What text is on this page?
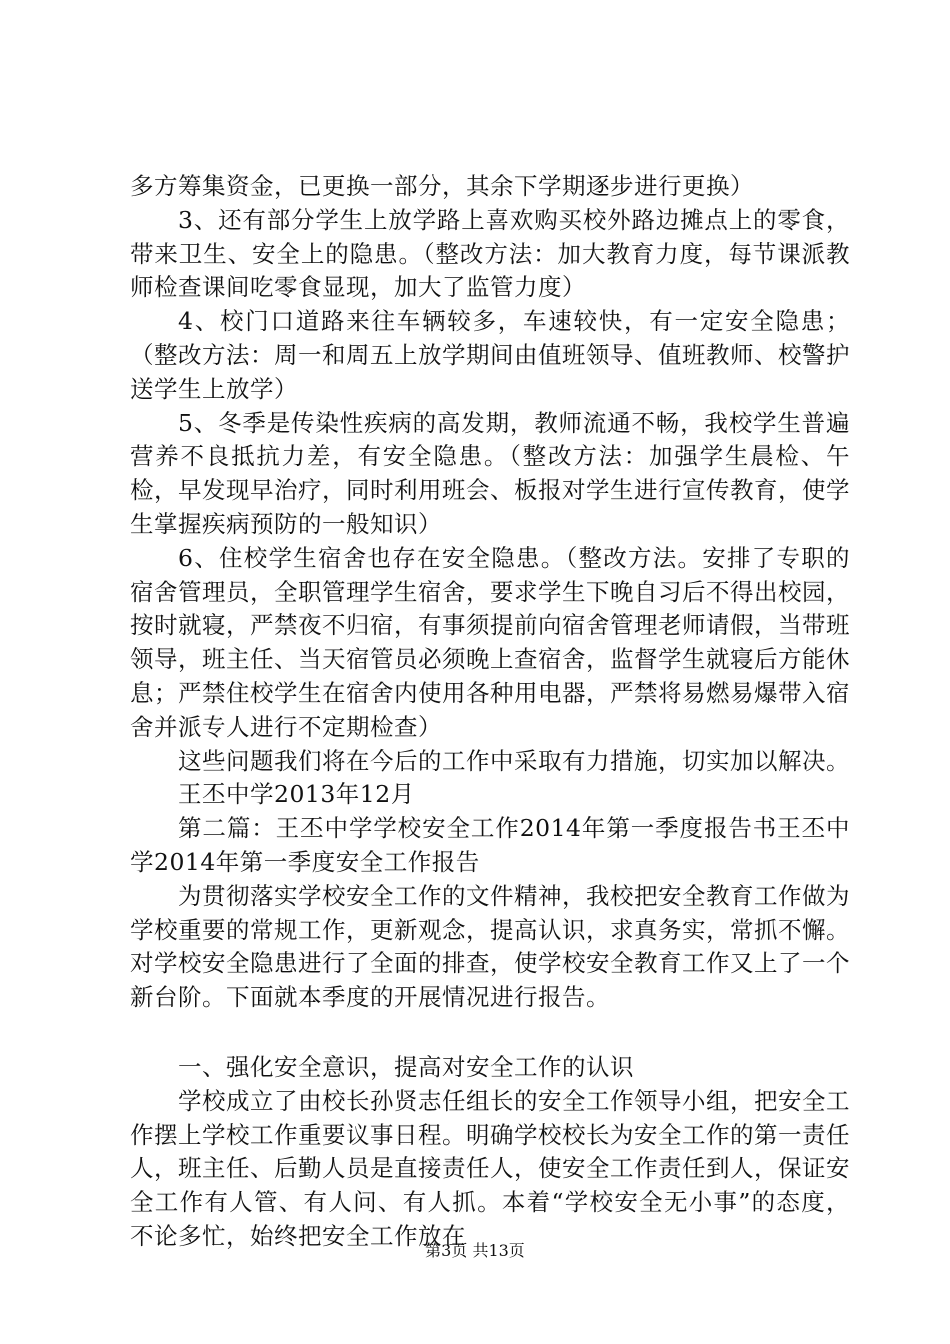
多方筹集资金，已更换一部分，其余下学期逐步进行更换）

3、还有部分学生上放学路上喜欢购买校外路边摊点上的零食，带来卫生、安全上的隐患。（整改方法：加大教育力度，每节课派教师检查课间吃零食显现，加大了监管力度）

4、校门口道路来往车辆较多，车速较快，有一定安全隐患；（整改方法：周一和周五上放学期间由值班领导、值班教师、校警护送学生上放学）

5、冬季是传染性疾病的高发期，教师流通不畅，我校学生普遍营养不良抵抗力差，有安全隐患。（整改方法：加强学生晨检、午检，早发现早治疗，同时利用班会、板报对学生进行宣传教育，使学生掌握疾病预防的一般知识）

6、住校学生宿舍也存在安全隐患。（整改方法。安排了专职的宿舍管理员，全职管理学生宿舍，要求学生下晚自习后不得出校园，按时就寝，严禁夜不归宿，有事须提前向宿舍管理老师请假，当带班领导，班主任、当天宿管员必须晚上查宿舍，监督学生就寝后方能休息；严禁住校学生在宿舍内使用各种用电器，严禁将易燃易爆带入宿舍并派专人进行不定期检查）

这些问题我们将在今后的工作中采取有力措施，切实加以解决。

王丕中学2013年12月

第二篇：王丕中学学校安全工作2014年第一季度报告书王丕中学2014年第一季度安全工作报告

为贯彻落实学校安全工作的文件精神，我校把安全教育工作做为学校重要的常规工作，更新观念，提高认识，求真务实，常抓不懈。对学校安全隐患进行了全面的排查，使学校安全教育工作又上了一个新台阶。下面就本季度的开展情况进行报告。

一、强化安全意识，提高对安全工作的认识

学校成立了由校长孙贤志任组长的安全工作领导小组，把安全工作摆上学校工作重要议事日程。明确学校校长为安全工作的第一责任人，班主任、后勤人员是直接责任人，使安全工作责任到人，保证安全工作有人管、有人问、有人抓。本着“学校安全无小事”的态度，不论多忙，始终把安全工作放在

第3页 共13页
